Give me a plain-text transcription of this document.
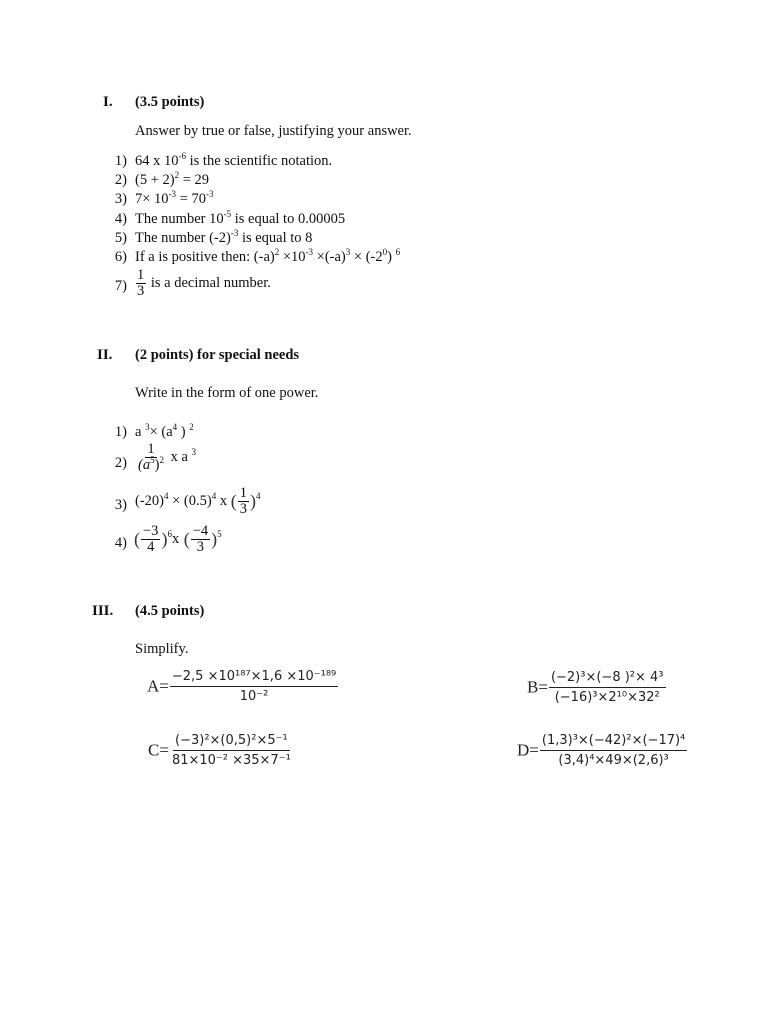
I. (3.5 points)
Answer by true or false, justifying your answer.
1) 64 x $10^{-6}$ is the scientific notation.
2) $(5 + 2)^2 = 29$
3) $7\times 10^{-3} = 70^{-3}$
4) The number $10^{-5}$ is equal to 0.00005
5) The number $(-2)^{-3}$ is equal to 8
6) If a is positive then: $(-a)^2 \times 10^{-3} \times(-a)^3 \times (-2^0)$ $^6$
$7) \frac{1}{3}$ is a decimal number.
II. (2 points) for special needs
Write in the form of one power.
1) a $^3\times (a^4$ ) $^2$
$2) \frac{1}{(a^5)^2}$ x a $^3$
3) $(-20)^4 \times (0.5)^4$ x ( $\frac{1}{3} )^4$
4) ( $\frac{-3}{4} )^6x$ ( $\frac{-4}{3} )^5$
III. (4.5 points)
Simplify.
$A= \frac{\text{−2,5 ×10¹⁸⁷×1,6 ×10⁻¹⁸⁹}}{\text{10⁻²}}$	$B= \frac{\text{(−2)³×(−8 )²× 4³}}{\text{(−16)³×2¹⁰×32²}}$
$C= \frac{\text{(−3)²×(0,5)²×5⁻¹}}{\text{81×10⁻² ×35×7⁻¹}}$	$D= \frac{\text{(1,3)³×(−42)²×(−17)⁴}}{\text{(3,4)⁴×49×(2,6)³}}$
